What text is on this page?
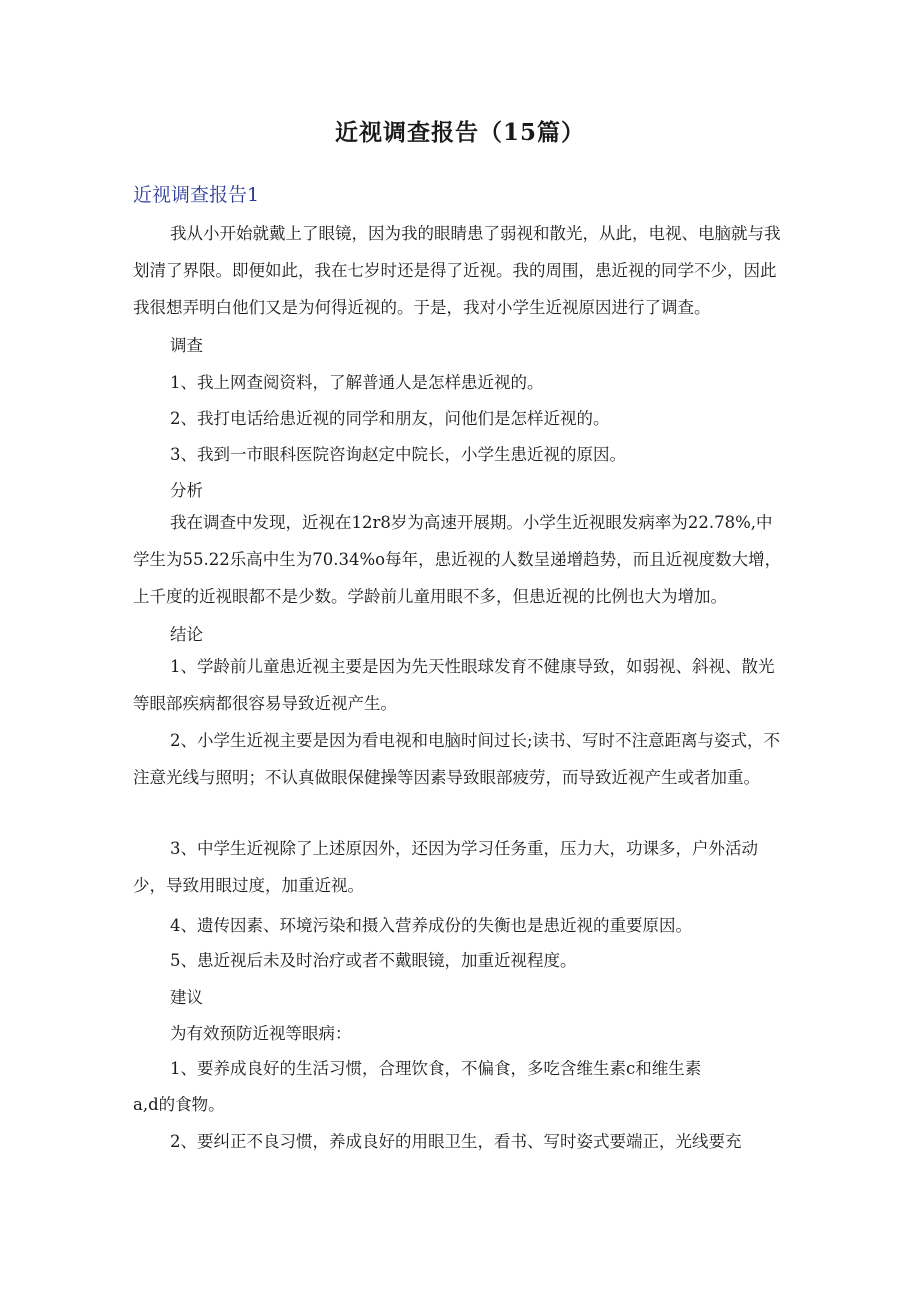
近视调查报告（15篇）
近视调查报告1

我从小开始就戴上了眼镜，因为我的眼睛患了弱视和散光，从此，电视、电脑就与我划清了界限。即便如此，我在七岁时还是得了近视。我的周围，患近视的同学不少，因此我很想弄明白他们又是为何得近视的。于是，我对小学生近视原因进行了调查。

调查
1、我上网查阅资料，了解普通人是怎样患近视的。
2、我打电话给患近视的同学和朋友，问他们是怎样近视的。
3、我到一市眼科医院咨询赵定中院长，小学生患近视的原因。
分析

我在调查中发现，近视在12r8岁为高速开展期。小学生近视眼发病率为22.78%,中学生为55.22乐高中生为70.34%o每年，患近视的人数呈递增趋势，而且近视度数大增，上千度的近视眼都不是少数。学龄前儿童用眼不多，但患近视的比例也大为增加。

结论

1、学龄前儿童患近视主要是因为先天性眼球发育不健康导致，如弱视、斜视、散光等眼部疾病都很容易导致近视产生。

2、小学生近视主要是因为看电视和电脑时间过长;读书、写时不注意距离与姿式，不注意光线与照明；不认真做眼保健操等因素导致眼部疲劳，而导致近视产生或者加重。

3、中学生近视除了上述原因外，还因为学习任务重，压力大，功课多，户外活动少，导致用眼过度，加重近视。

4、遗传因素、环境污染和摄入营养成份的失衡也是患近视的重要原因。
5、患近视后未及时治疗或者不戴眼镜，加重近视程度。
建议
为有效预防近视等眼病：
1、要养成良好的生活习惯，合理饮食，不偏食，多吃含维生素c和维生素
a,d的食物。
2、要纠正不良习惯，养成良好的用眼卫生，看书、写时姿式要端正，光线要充
